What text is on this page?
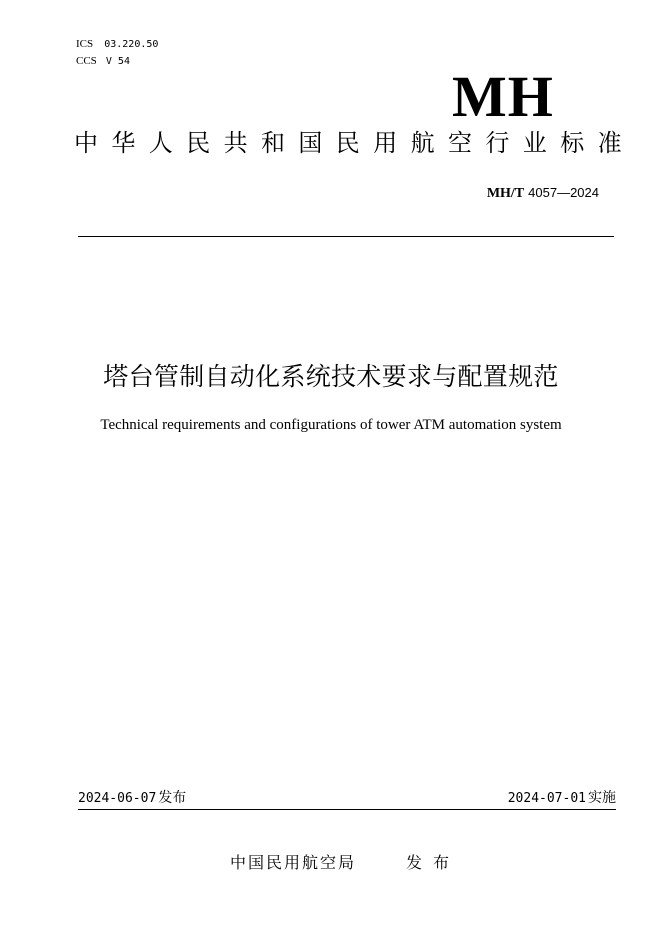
ICS 03.220.50
CCS V 54
MH
中华人民共和国民用航空行业标准
MH/T 4057—2024
塔台管制自动化系统技术要求与配置规范
Technical requirements and configurations of tower ATM automation system
2024-06-07 发布	2024-07-01 实施
中国民用航空局	发布
